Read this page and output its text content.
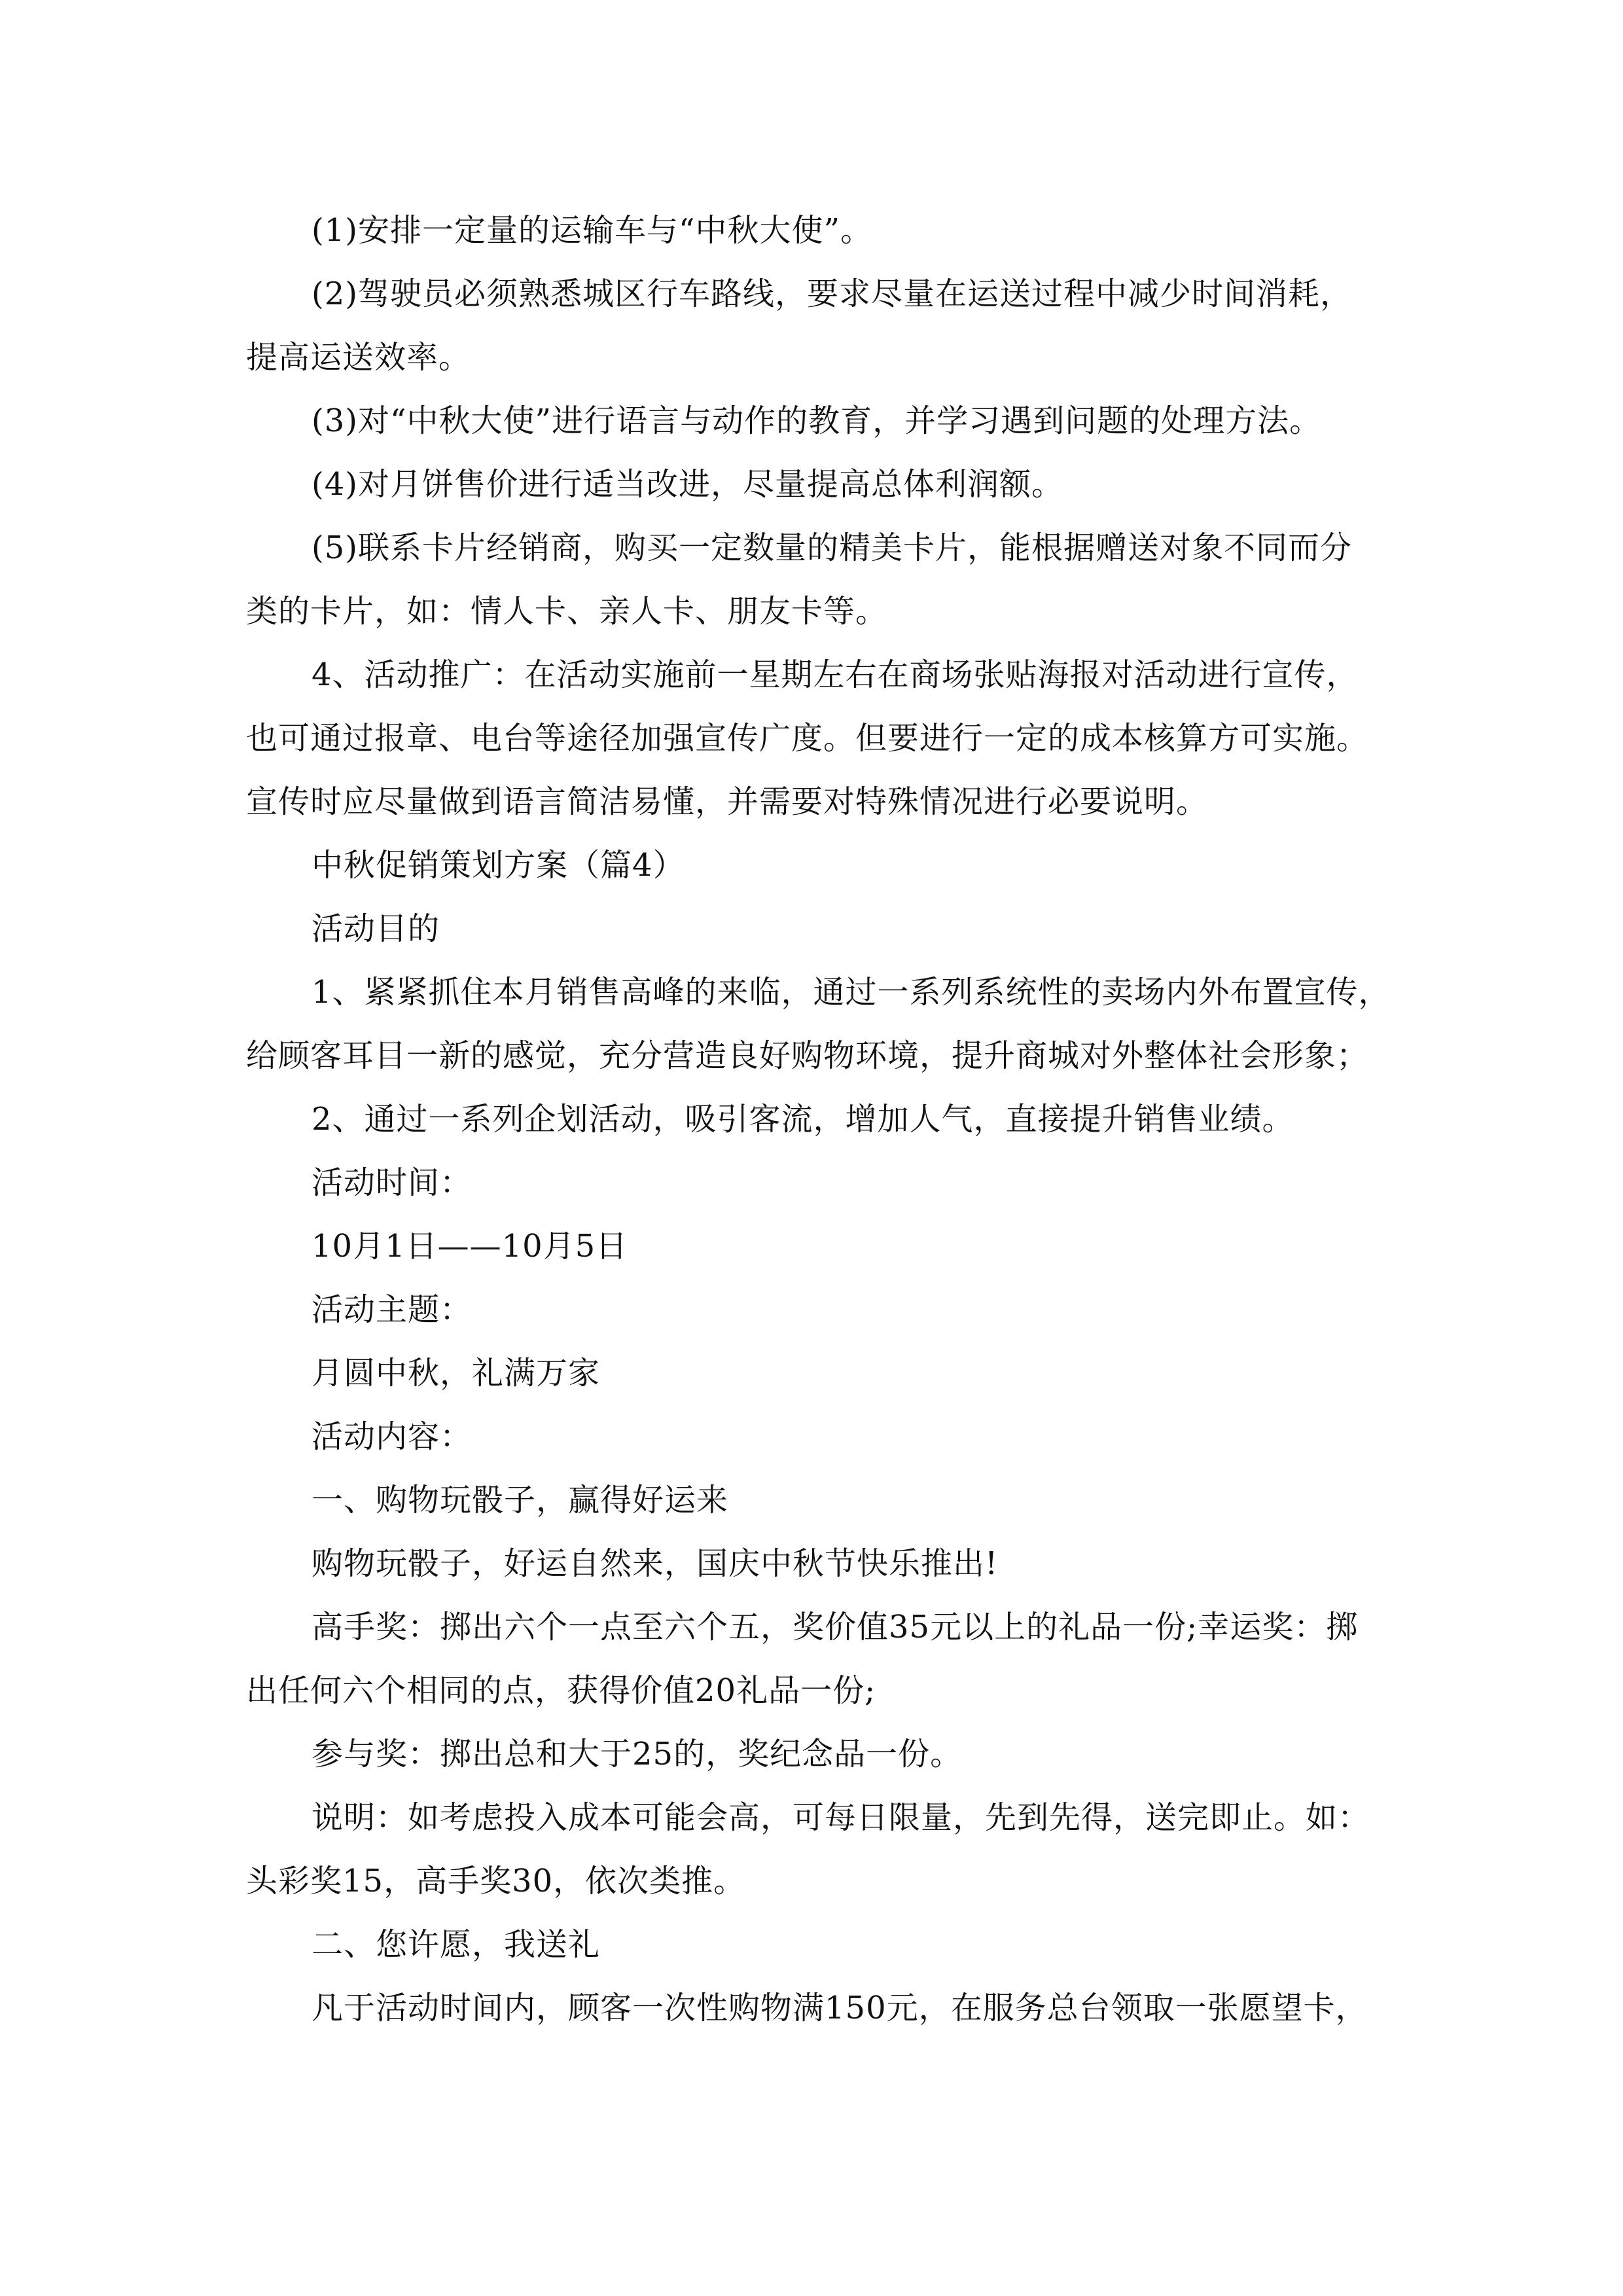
(1)安排一定量的运输车与“中秋大使”。
(2)驾驶员必须熟悉城区行车路线，要求尽量在运送过程中减少时间消耗，
提高运送效率。
(3)对“中秋大使”进行语言与动作的教育，并学习遇到问题的处理方法。
(4)对月饼售价进行适当改进，尽量提高总体利润额。
(5)联系卡片经销商，购买一定数量的精美卡片，能根据赠送对象不同而分
类的卡片，如：情人卡、亲人卡、朋友卡等。
4、活动推广：在活动实施前一星期左右在商场张贴海报对活动进行宣传，
也可通过报章、电台等途径加强宣传广度。但要进行一定的成本核算方可实施。
宣传时应尽量做到语言简洁易懂，并需要对特殊情况进行必要说明。
中秋促销策划方案（篇4）
活动目的
1、紧紧抓住本月销售高峰的来临，通过一系列系统性的卖场内外布置宣传，
给顾客耳目一新的感觉，充分营造良好购物环境，提升商城对外整体社会形象；
2、通过一系列企划活动，吸引客流，增加人气，直接提升销售业绩。
活动时间：
10月1日——10月5日
活动主题：
月圆中秋，礼满万家
活动内容：
一、购物玩骰子，赢得好运来
购物玩骰子，好运自然来，国庆中秋节快乐推出!
高手奖：掷出六个一点至六个五，奖价值35元以上的礼品一份;幸运奖：掷
出任何六个相同的点，获得价值20礼品一份;
参与奖：掷出总和大于25的，奖纪念品一份。
说明：如考虑投入成本可能会高，可每日限量，先到先得，送完即止。如：
头彩奖15，高手奖30，依次类推。
二、您许愿，我送礼
凡于活动时间内，顾客一次性购物满150元，在服务总台领取一张愿望卡，
